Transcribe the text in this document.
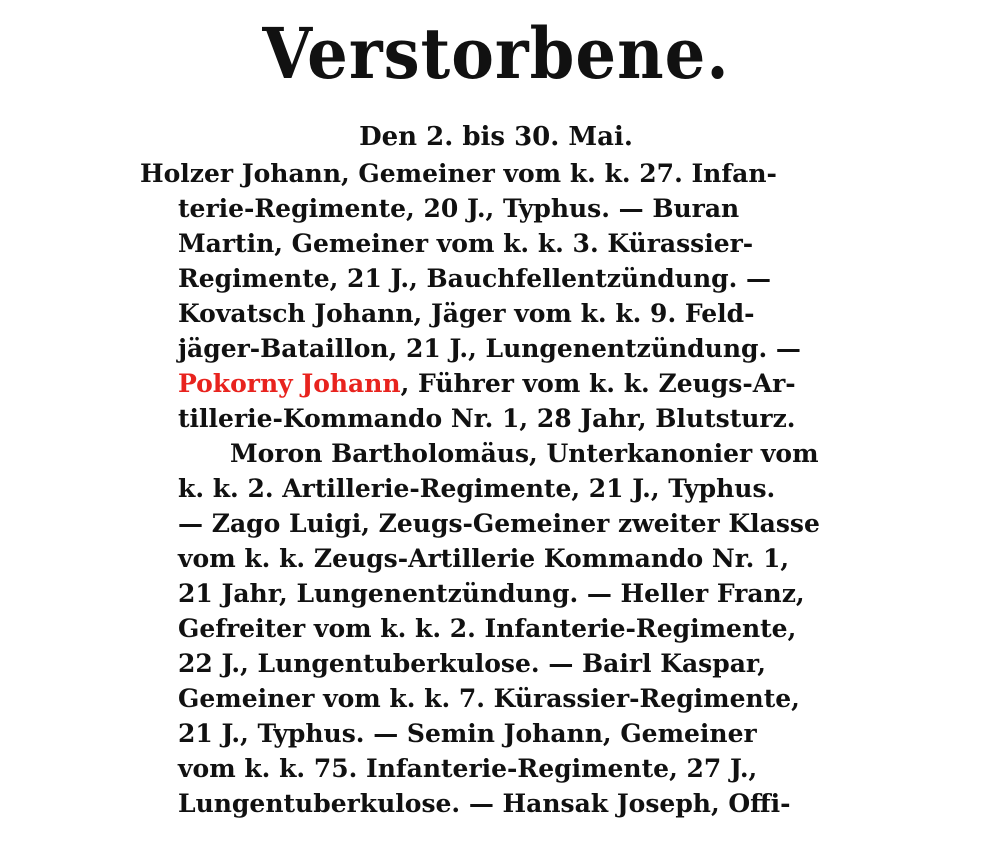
Verstorbene.
Den 2. bis 30. Mai.
Holzer Johann, Gemeiner vom k. k. 27. Infan-
terie-Regimente, 20 J., Typhus. — Buran
Martin, Gemeiner vom k. k. 3. Kürassier-
Regimente, 21 J., Bauchfellentzündung. —
Kovatsch Johann, Jäger vom k. k. 9. Feld-
jäger-Bataillon, 21 J., Lungenentzündung. —
Pokorny Johann, Führer vom k. k. Zeugs-Ar-
tillerie-Kommando Nr. 1, 28 Jahr, Blutsturz.
Moron Bartholomäus, Unterkanonier vom
k. k. 2. Artillerie-Regimente, 21 J., Typhus.
— Zago Luigi, Zeugs-Gemeiner zweiter Klasse
vom k. k. Zeugs-Artillerie Kommando Nr. 1,
21 Jahr, Lungenentzündung. — Heller Franz,
Gefreiter vom k. k. 2. Infanterie-Regimente,
22 J., Lungentuberkulose. — Bairl Kaspar,
Gemeiner vom k. k. 7. Kürassier-Regimente,
21 J., Typhus. — Semin Johann, Gemeiner
vom k. k. 75. Infanterie-Regimente, 27 J.,
Lungentuberkulose. — Hansak Joseph, Offi-
